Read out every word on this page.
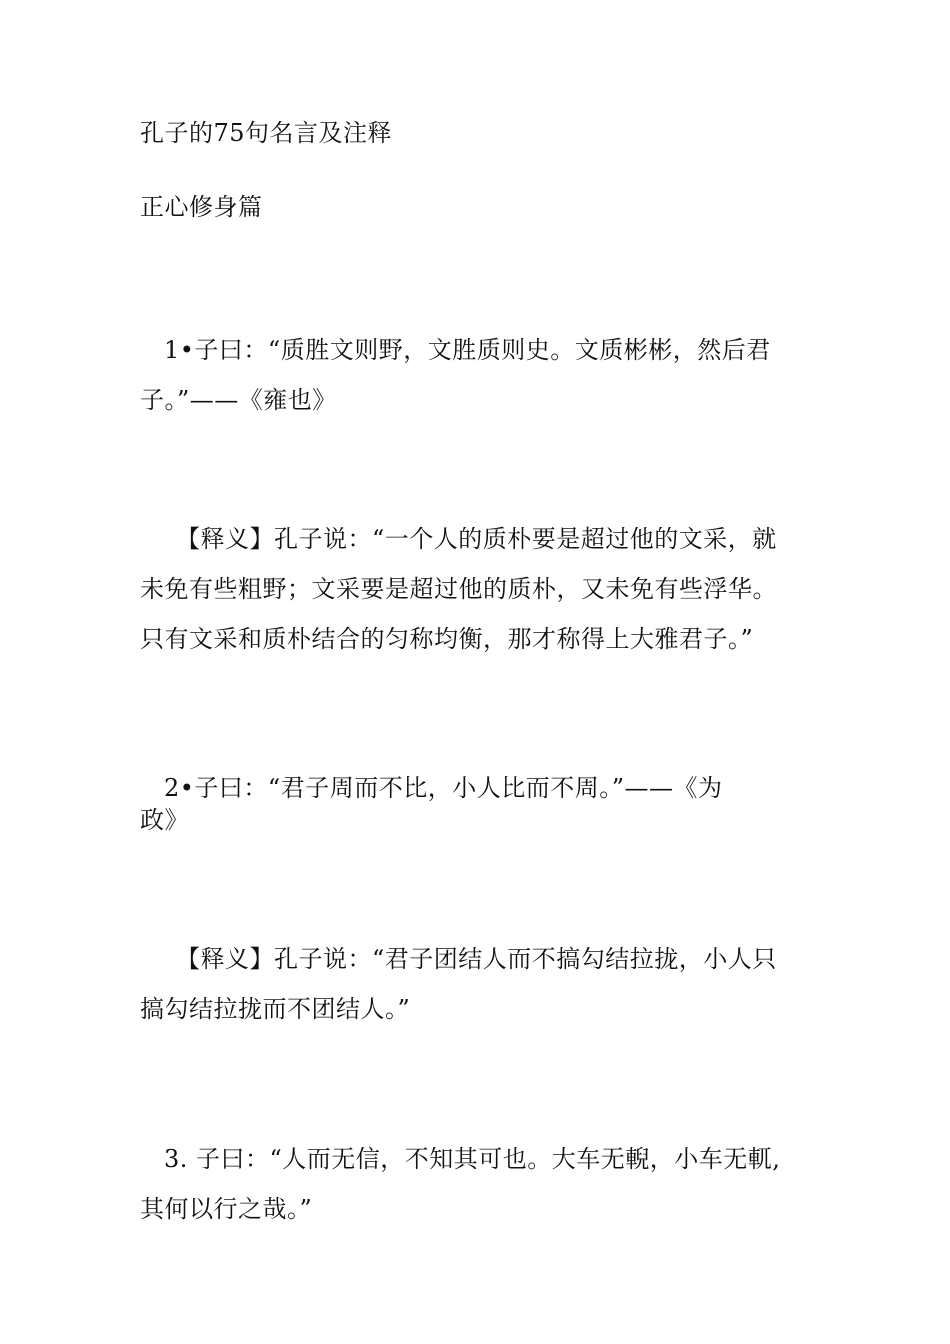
孔子的75句名言及注释
正心修身篇
1•子曰：“质胜文则野，文胜质则史。文质彬彬，然后君
子。”——《雍也》
【释义】孔子说：“一个人的质朴要是超过他的文采，就
未免有些粗野；文采要是超过他的质朴，又未免有些浮华。
只有文采和质朴结合的匀称均衡，那才称得上大雅君子。”
2•子曰：“君子周而不比，小人比而不周。”——《为
政》
【释义】孔子说：“君子团结人而不搞勾结拉拢，小人只
搞勾结拉拢而不团结人。”
3. 子曰：“人而无信，不知其可也。大车无輗，小车无軏,
其何以行之哉。”
